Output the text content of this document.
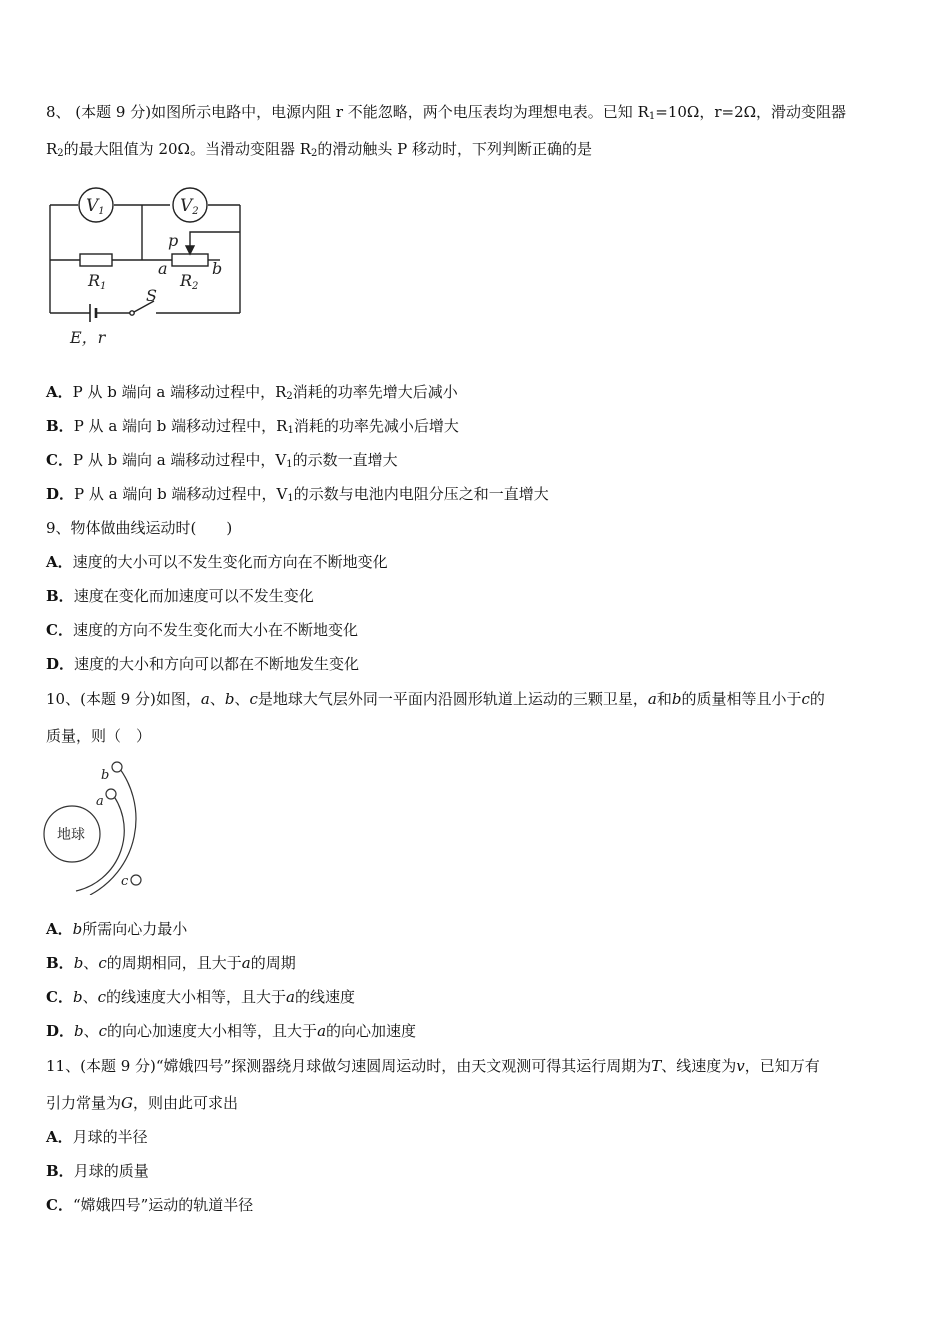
8、 (本题 9 分)如图所示电路中，电源内阻 r 不能忽略，两个电压表均为理想电表。已知 $R_1=10\Omega$，r=2Ω，滑动变阻器
$R_2$的最大阻值为 20Ω。当滑动变阻器 $R_2$的滑动触头 P 移动时，下列判断正确的是
V1	V2
p
a	b
R1	R2
S
E，r
A．P 从 b 端向 a 端移动过程中，$R_2$消耗的功率先增大后减小
B．P 从 a 端向 b 端移动过程中，$R_1$消耗的功率先减小后增大
C．P 从 b 端向 a 端移动过程中，$V_1$的示数一直增大
D．P 从 a 端向 b 端移动过程中，$V_1$的示数与电池内电阻分压之和一直增大
9、物体做曲线运动时(　　)
A．速度的大小可以不发生变化而方向在不断地变化
B．速度在变化而加速度可以不发生变化
C．速度的方向不发生变化而大小在不断地变化
D．速度的大小和方向可以都在不断地发生变化
10、(本题 9 分)如图，a、b、c是地球大气层外同一平面内沿圆形轨道上运动的三颗卫星，a和b的质量相等且小于c的
质量，则（　）
地球
a
b
c
A．b所需向心力最小
B．b、c的周期相同，且大于a的周期
C．b、c的线速度大小相等，且大于a的线速度
D．b、c的向心加速度大小相等，且大于a的向心加速度
11、(本题 9 分)“嫦娥四号”探测器绕月球做匀速圆周运动时，由天文观测可得其运行周期为T、线速度为v，已知万有
引力常量为G，则由此可求出
A．月球的半径
B．月球的质量
C．“嫦娥四号”运动的轨道半径
